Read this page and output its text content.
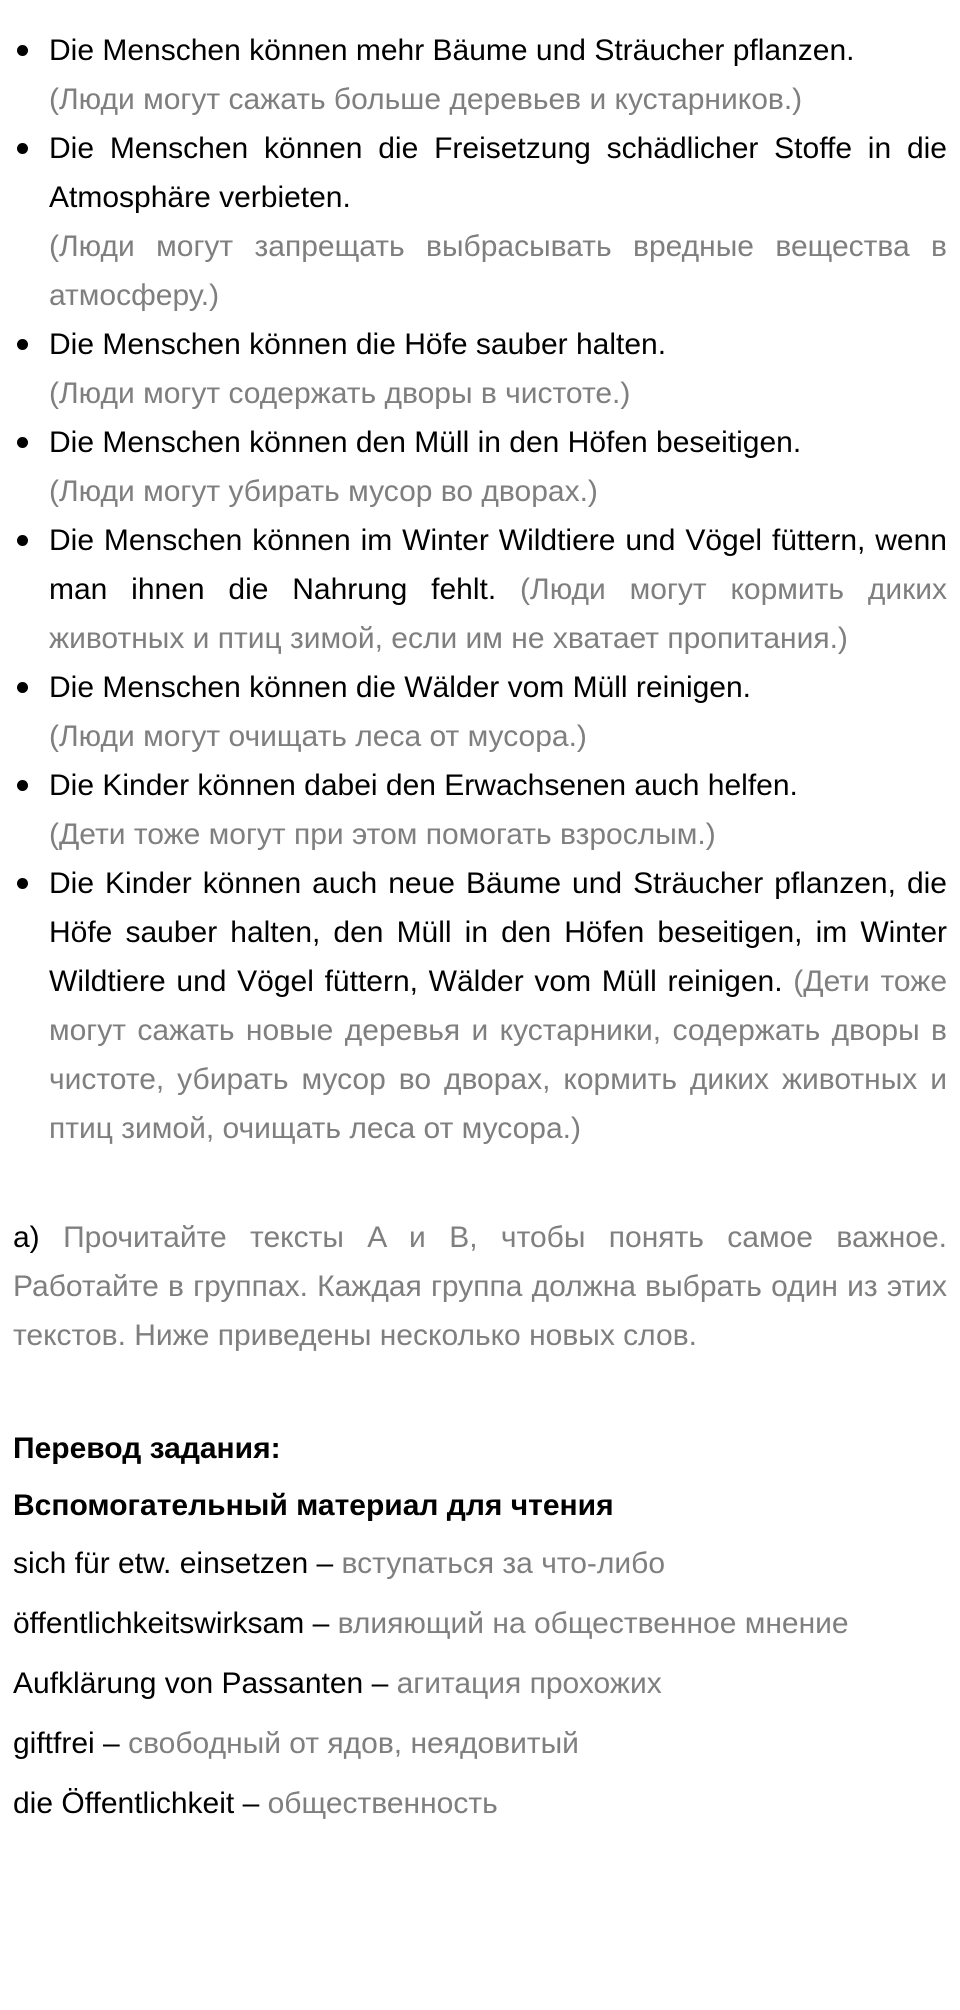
Die Menschen können mehr Bäume und Sträucher pflanzen.
(Люди могут сажать больше деревьев и кустарников.)
Die Menschen können die Freisetzung schädlicher Stoffe in die Atmosphäre verbieten.
(Люди могут запрещать выбрасывать вредные вещества в атмосферу.)
Die Menschen können die Höfe sauber halten.
(Люди могут содержать дворы в чистоте.)
Die Menschen können den Müll in den Höfen beseitigen.
(Люди могут убирать мусор во дворах.)
Die Menschen können im Winter Wildtiere und Vögel füttern, wenn man ihnen die Nahrung fehlt. (Люди могут кормить диких животных и птиц зимой, если им не хватает пропитания.)
Die Menschen können die Wälder vom Müll reinigen.
(Люди могут очищать леса от мусора.)
Die Kinder können dabei den Erwachsenen auch helfen.
(Дети тоже могут при этом помогать взрослым.)
Die Kinder können auch neue Bäume und Sträucher pflanzen, die Höfe sauber halten, den Müll in den Höfen beseitigen, im Winter Wildtiere und Vögel füttern, Wälder vom Müll reinigen. (Дети тоже могут сажать новые деревья и кустарники, содержать дворы в чистоте, убирать мусор во дворах, кормить диких животных и птиц зимой, очищать леса от мусора.)
a) Прочитайте тексты A и B, чтобы понять самое важное. Работайте в группах. Каждая группа должна выбрать один из этих текстов. Ниже приведены несколько новых слов.
Перевод задания:
Вспомогательный материал для чтения
sich für etw. einsetzen – вступаться за что-либо
öffentlichkeitswirksam – влияющий на общественное мнение
Aufklärung von Passanten – агитация прохожих
giftfrei – свободный от ядов, неядовитый
die Öffentlichkeit – общественность
